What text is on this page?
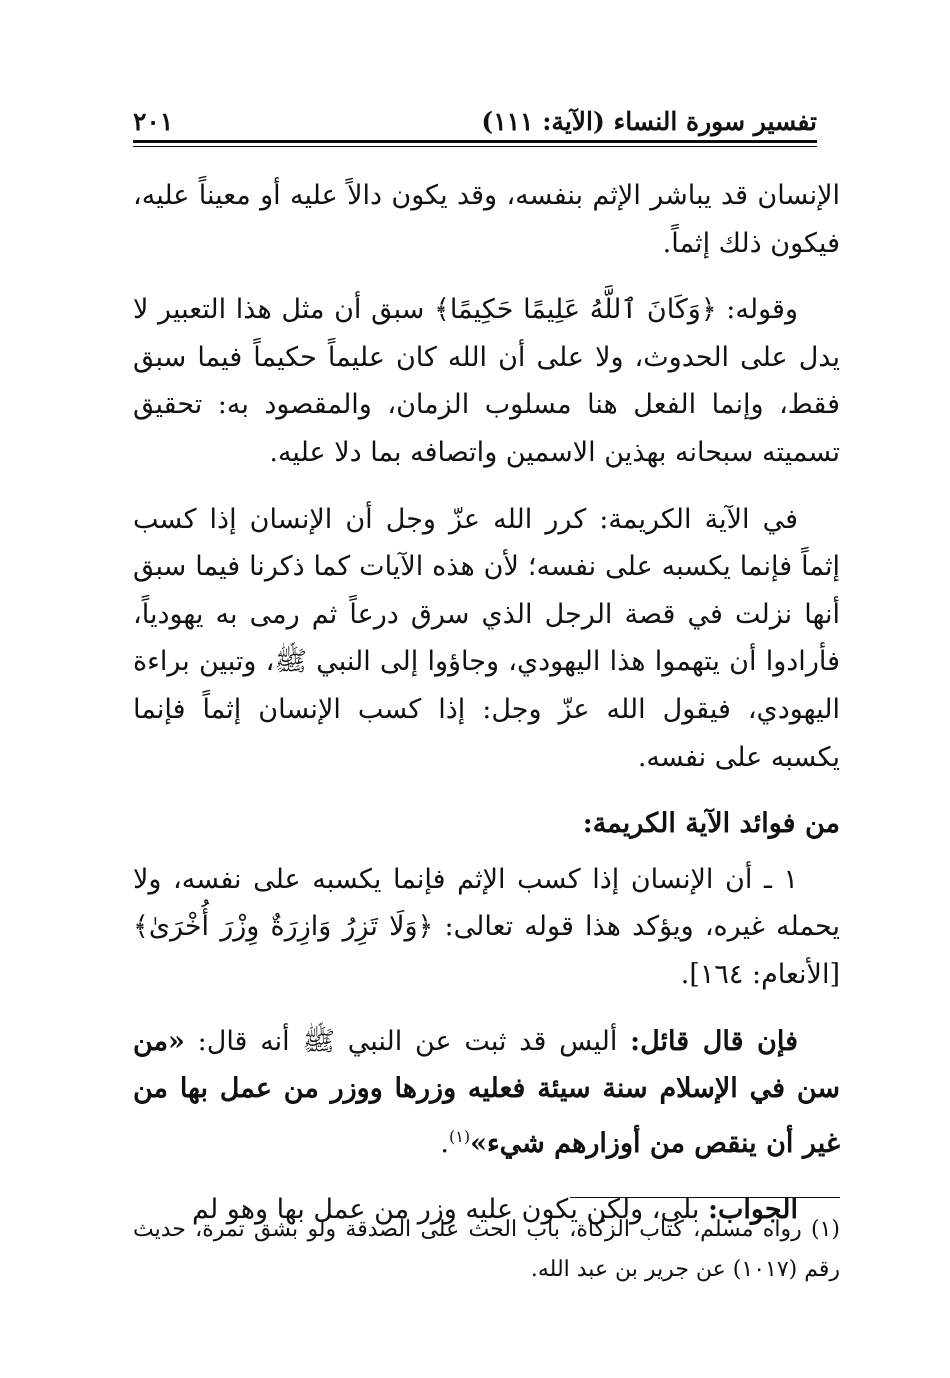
تفسير سورة النساء (الآية: ١١١)
٢٠١

الإنسان قد يباشر الإثم بنفسه، وقد يكون دالاً عليه أو معيناً عليه، فيكون ذلك إثماً.

وقوله: ﴿وَكَانَ ٱللَّهُ عَلِيمًا حَكِيمًا﴾ سبق أن مثل هذا التعبير لا يدل على الحدوث، ولا على أن الله كان عليماً حكيماً فيما سبق فقط، وإنما الفعل هنا مسلوب الزمان، والمقصود به: تحقيق تسميته سبحانه بهذين الاسمين واتصافه بما دلا عليه.

في الآية الكريمة: كرر الله عزّ وجل أن الإنسان إذا كسب إثماً فإنما يكسبه على نفسه؛ لأن هذه الآيات كما ذكرنا فيما سبق أنها نزلت في قصة الرجل الذي سرق درعاً ثم رمى به يهودياً، فأرادوا أن يتهموا هذا اليهودي، وجاؤوا إلى النبي ﷺ، وتبين براءة اليهودي، فيقول الله عزّ وجل: إذا كسب الإنسان إثماً فإنما يكسبه على نفسه.

من فوائد الآية الكريمة:

١ ـ أن الإنسان إذا كسب الإثم فإنما يكسبه على نفسه، ولا يحمله غيره، ويؤكد هذا قوله تعالى: ﴿وَلَا تَزِرُ وَازِرَةٌ وِزْرَ أُخْرَىٰ﴾ [الأنعام: ١٦٤].

فإن قال قائل: أليس قد ثبت عن النبي ﷺ أنه قال: «من سن في الإسلام سنة سيئة فعليه وزرها ووزر من عمل بها من غير أن ينقص من أوزارهم شيء»$^{(١)}$.

الجواب: بلى، ولكن يكون عليه وزر من عمل بها وهو لم

(١) رواه مسلم، كتاب الزكاة، باب الحث على الصدقة ولو بشق تمرة، حديث رقم (١٠١٧) عن جرير بن عبد الله.
